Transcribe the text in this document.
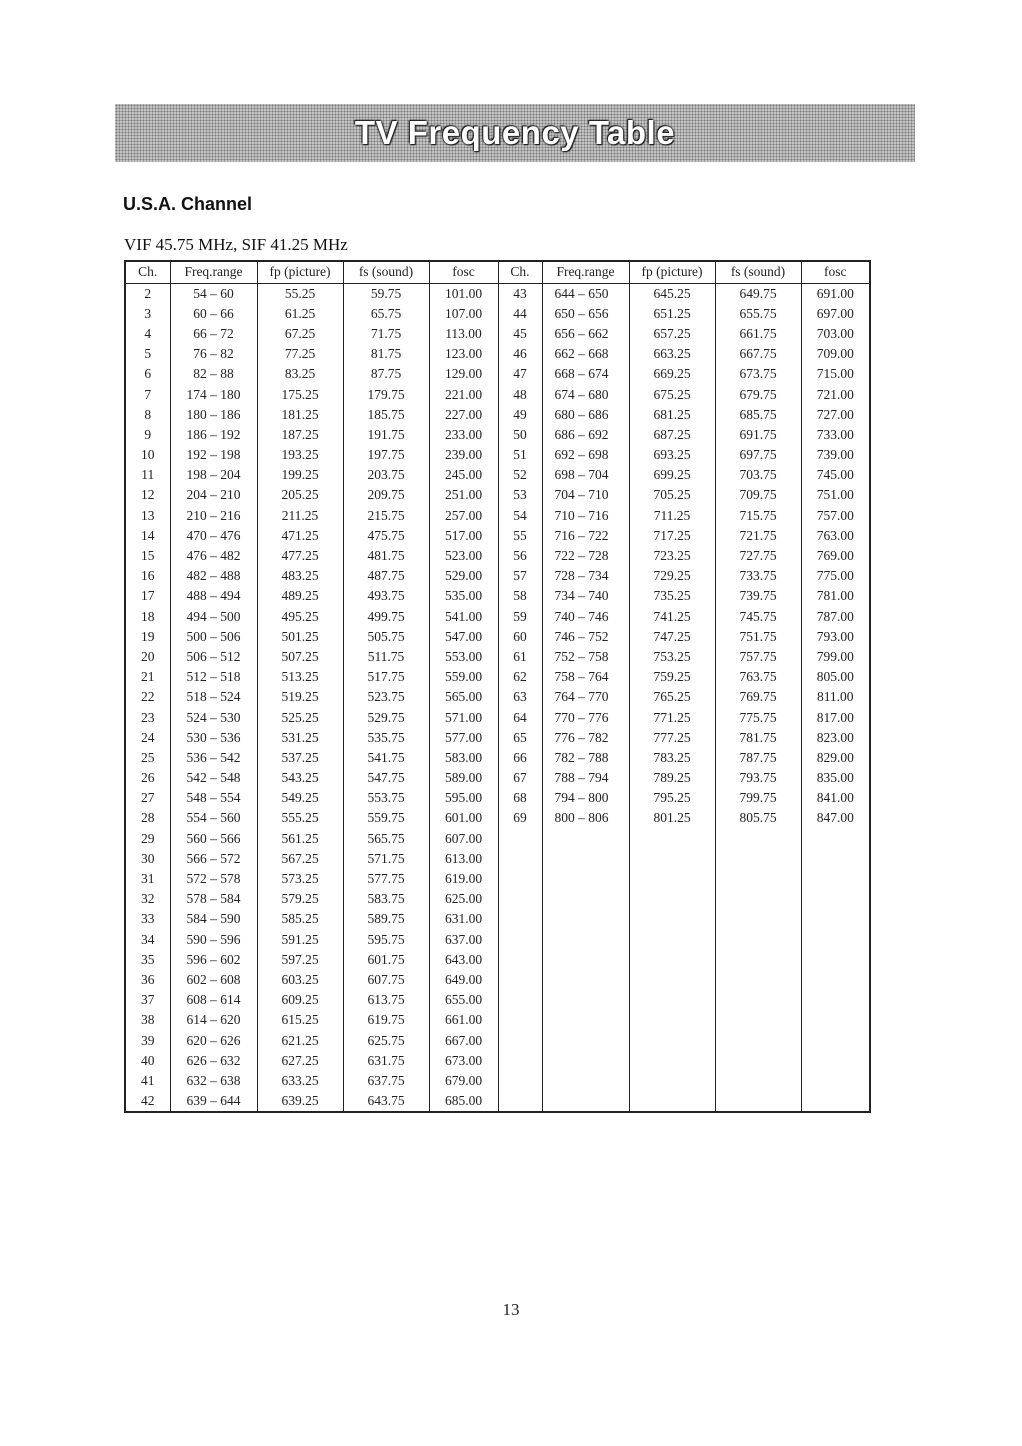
TV Frequency Table
U.S.A. Channel
VIF 45.75 MHz, SIF 41.25 MHz
Ch.	Freq.range	fp (picture)	fs (sound)	fosc	Ch.	Freq.range	fp (picture)	fs (sound)	fosc
2	54 – 60	55.25	59.75	101.00	43	644 – 650	645.25	649.75	691.00
3	60 – 66	61.25	65.75	107.00	44	650 – 656	651.25	655.75	697.00
4	66 – 72	67.25	71.75	113.00	45	656 – 662	657.25	661.75	703.00
5	76 – 82	77.25	81.75	123.00	46	662 – 668	663.25	667.75	709.00
6	82 – 88	83.25	87.75	129.00	47	668 – 674	669.25	673.75	715.00
7	174 – 180	175.25	179.75	221.00	48	674 – 680	675.25	679.75	721.00
8	180 – 186	181.25	185.75	227.00	49	680 – 686	681.25	685.75	727.00
9	186 – 192	187.25	191.75	233.00	50	686 – 692	687.25	691.75	733.00
10	192 – 198	193.25	197.75	239.00	51	692 – 698	693.25	697.75	739.00
11	198 – 204	199.25	203.75	245.00	52	698 – 704	699.25	703.75	745.00
12	204 – 210	205.25	209.75	251.00	53	704 – 710	705.25	709.75	751.00
13	210 – 216	211.25	215.75	257.00	54	710 – 716	711.25	715.75	757.00
14	470 – 476	471.25	475.75	517.00	55	716 – 722	717.25	721.75	763.00
15	476 – 482	477.25	481.75	523.00	56	722 – 728	723.25	727.75	769.00
16	482 – 488	483.25	487.75	529.00	57	728 – 734	729.25	733.75	775.00
17	488 – 494	489.25	493.75	535.00	58	734 – 740	735.25	739.75	781.00
18	494 – 500	495.25	499.75	541.00	59	740 – 746	741.25	745.75	787.00
19	500 – 506	501.25	505.75	547.00	60	746 – 752	747.25	751.75	793.00
20	506 – 512	507.25	511.75	553.00	61	752 – 758	753.25	757.75	799.00
21	512 – 518	513.25	517.75	559.00	62	758 – 764	759.25	763.75	805.00
22	518 – 524	519.25	523.75	565.00	63	764 – 770	765.25	769.75	811.00
23	524 – 530	525.25	529.75	571.00	64	770 – 776	771.25	775.75	817.00
24	530 – 536	531.25	535.75	577.00	65	776 – 782	777.25	781.75	823.00
25	536 – 542	537.25	541.75	583.00	66	782 – 788	783.25	787.75	829.00
26	542 – 548	543.25	547.75	589.00	67	788 – 794	789.25	793.75	835.00
27	548 – 554	549.25	553.75	595.00	68	794 – 800	795.25	799.75	841.00
28	554 – 560	555.25	559.75	601.00	69	800 – 806	801.25	805.75	847.00
29	560 – 566	561.25	565.75	607.00					
30	566 – 572	567.25	571.75	613.00					
31	572 – 578	573.25	577.75	619.00					
32	578 – 584	579.25	583.75	625.00					
33	584 – 590	585.25	589.75	631.00					
34	590 – 596	591.25	595.75	637.00					
35	596 – 602	597.25	601.75	643.00					
36	602 – 608	603.25	607.75	649.00					
37	608 – 614	609.25	613.75	655.00					
38	614 – 620	615.25	619.75	661.00					
39	620 – 626	621.25	625.75	667.00					
40	626 – 632	627.25	631.75	673.00					
41	632 – 638	633.25	637.75	679.00					
42	639 – 644	639.25	643.75	685.00					
13
